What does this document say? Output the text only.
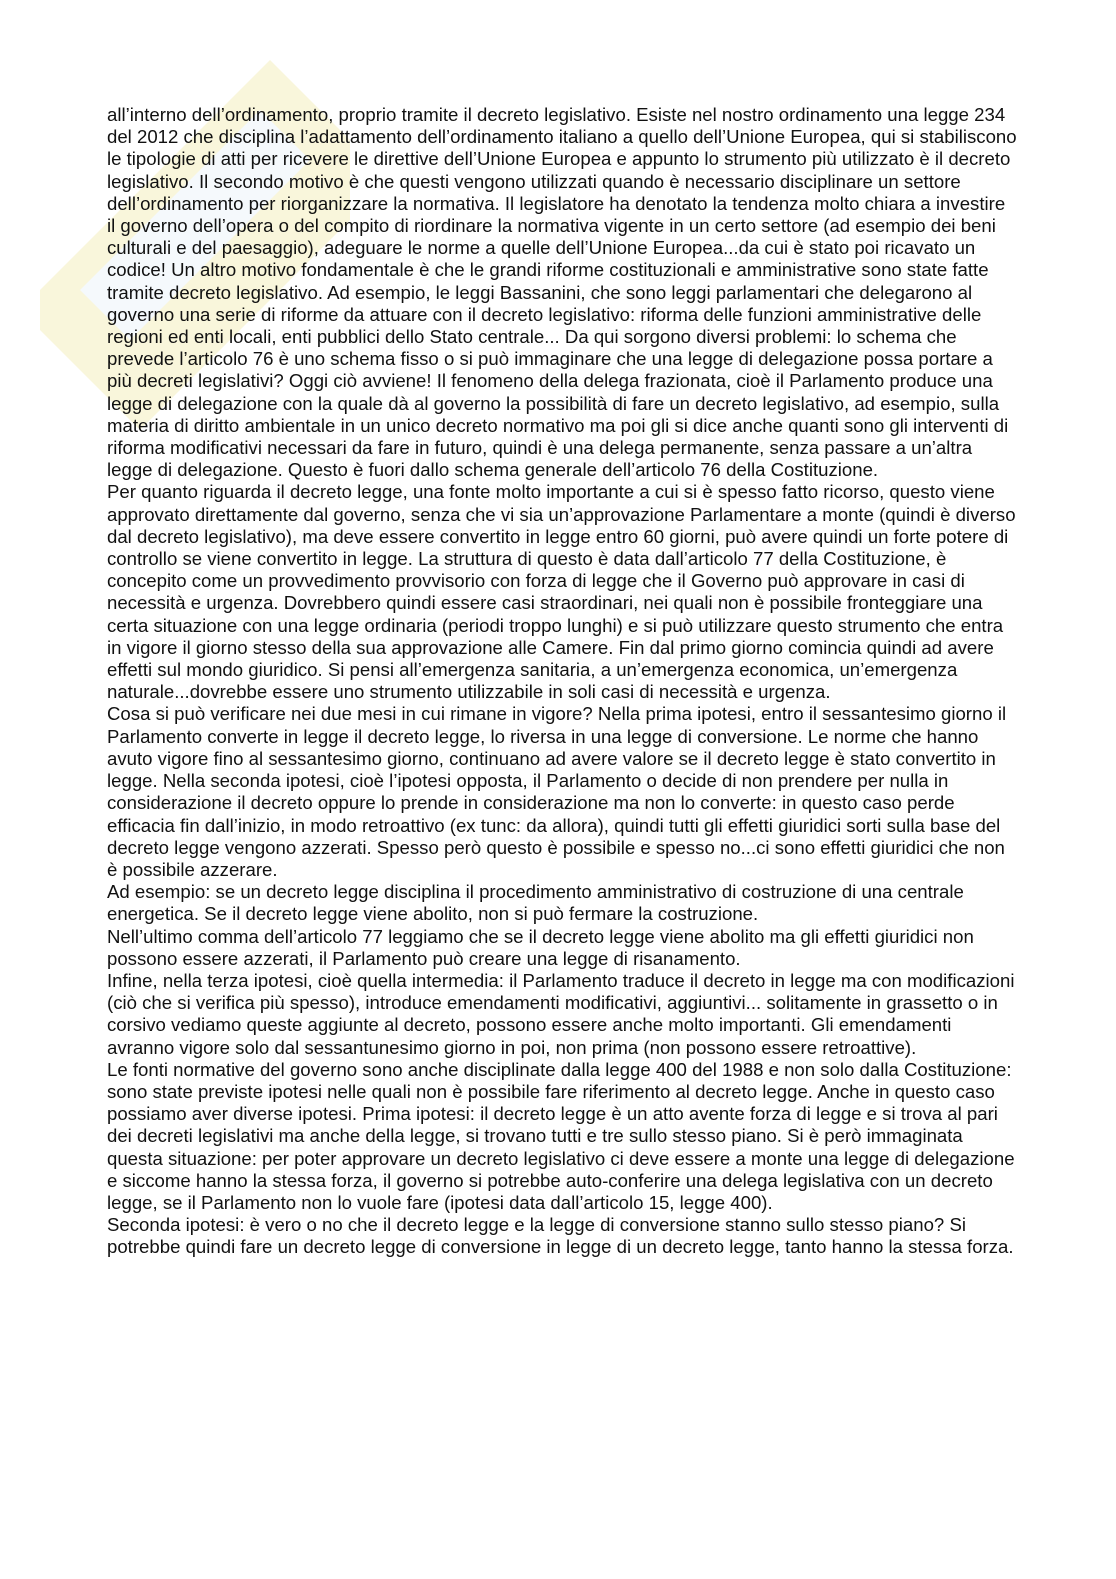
all’interno dell’ordinamento, proprio tramite il decreto legislativo. Esiste nel nostro ordinamento una legge 234 del 2012 che disciplina l’adattamento dell’ordinamento italiano a quello dell’Unione Europea, qui si stabiliscono le tipologie di atti per ricevere le direttive dell’Unione Europea e appunto lo strumento più utilizzato è il decreto legislativo. Il secondo motivo è che questi vengono utilizzati quando è necessario disciplinare un settore dell’ordinamento per riorganizzare la normativa. Il legislatore ha denotato la tendenza molto chiara a investire il governo dell’opera o del compito di riordinare la normativa vigente in un certo settore (ad esempio dei beni culturali e del paesaggio), adeguare le norme a quelle dell’Unione Europea...da cui è stato poi ricavato un codice! Un altro motivo fondamentale è che le grandi riforme costituzionali e amministrative sono state fatte tramite decreto legislativo. Ad esempio, le leggi Bassanini, che sono leggi parlamentari che delegarono al governo una serie di riforme da attuare con il decreto legislativo: riforma delle funzioni amministrative delle regioni ed enti locali, enti pubblici dello Stato centrale... Da qui sorgono diversi problemi: lo schema che prevede l’articolo 76 è uno schema fisso o si può immaginare che una legge di delegazione possa portare a più decreti legislativi? Oggi ciò avviene! Il fenomeno della delega frazionata, cioè il Parlamento produce una legge di delegazione con la quale dà al governo la possibilità di fare un decreto legislativo, ad esempio, sulla materia di diritto ambientale in un unico decreto normativo ma poi gli si dice anche quanti sono gli interventi di riforma modificativi necessari da fare in futuro, quindi è una delega permanente, senza passare a un’altra legge di delegazione. Questo è fuori dallo schema generale dell’articolo 76 della Costituzione.

Per quanto riguarda il decreto legge, una fonte molto importante a cui si è spesso fatto ricorso, questo viene approvato direttamente dal governo, senza che vi sia un’approvazione Parlamentare a monte (quindi è diverso dal decreto legislativo), ma deve essere convertito in legge entro 60 giorni, può avere quindi un forte potere di controllo se viene convertito in legge. La struttura di questo è data dall’articolo 77 della Costituzione, è concepito come un provvedimento provvisorio con forza di legge che il Governo può approvare in casi di necessità e urgenza. Dovrebbero quindi essere casi straordinari, nei quali non è possibile fronteggiare una certa situazione con una legge ordinaria (periodi troppo lunghi) e si può utilizzare questo strumento che entra in vigore il giorno stesso della sua approvazione alle Camere. Fin dal primo giorno comincia quindi ad avere effetti sul mondo giuridico. Si pensi all’emergenza sanitaria, a un’emergenza economica, un’emergenza naturale...dovrebbe essere uno strumento utilizzabile in soli casi di necessità e urgenza.

Cosa si può verificare nei due mesi in cui rimane in vigore? Nella prima ipotesi, entro il sessantesimo giorno il Parlamento converte in legge il decreto legge, lo riversa in una legge di conversione. Le norme che hanno avuto vigore fino al sessantesimo giorno, continuano ad avere valore se il decreto legge è stato convertito in legge. Nella seconda ipotesi, cioè l’ipotesi opposta, il Parlamento o decide di non prendere per nulla in considerazione il decreto oppure lo prende in considerazione ma non lo converte: in questo caso perde efficacia fin dall’inizio, in modo retroattivo (ex tunc: da allora), quindi tutti gli effetti giuridici sorti sulla base del decreto legge vengono azzerati. Spesso però questo è possibile e spesso no...ci sono effetti giuridici che non è possibile azzerare.

Ad esempio: se un decreto legge disciplina il procedimento amministrativo di costruzione di una centrale energetica. Se il decreto legge viene abolito, non si può fermare la costruzione.

Nell’ultimo comma dell’articolo 77 leggiamo che se il decreto legge viene abolito ma gli effetti giuridici non possono essere azzerati, il Parlamento può creare una legge di risanamento.

Infine, nella terza ipotesi, cioè quella intermedia: il Parlamento traduce il decreto in legge ma con modificazioni (ciò che si verifica più spesso), introduce emendamenti modificativi, aggiuntivi... solitamente in grassetto o in corsivo vediamo queste aggiunte al decreto, possono essere anche molto importanti. Gli emendamenti avranno vigore solo dal sessantunesimo giorno in poi, non prima (non possono essere retroattive).

Le fonti normative del governo sono anche disciplinate dalla legge 400 del 1988 e non solo dalla Costituzione: sono state previste ipotesi nelle quali non è possibile fare riferimento al decreto legge. Anche in questo caso possiamo aver diverse ipotesi. Prima ipotesi: il decreto legge è un atto avente forza di legge e si trova al pari dei decreti legislativi ma anche della legge, si trovano tutti e tre sullo stesso piano. Si è però immaginata questa situazione: per poter approvare un decreto legislativo ci deve essere a monte una legge di delegazione e siccome hanno la stessa forza, il governo si potrebbe auto-conferire una delega legislativa con un decreto legge, se il Parlamento non lo vuole fare (ipotesi data dall’articolo 15, legge 400).

Seconda ipotesi: è vero o no che il decreto legge e la legge di conversione stanno sullo stesso piano? Si potrebbe quindi fare un decreto legge di conversione in legge di un decreto legge, tanto hanno la stessa forza.
